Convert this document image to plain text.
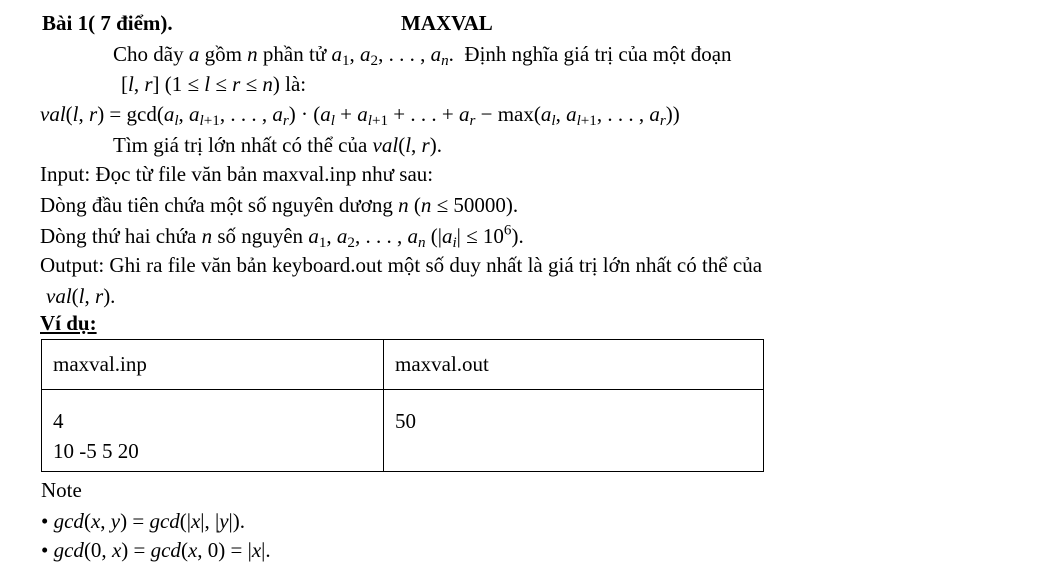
Bài 1( 7 điểm).	MAXVAL
Cho dãy a gồm n phần tử $a_1$, $a_2$, . . . , $a_n$.  Định nghĩa giá trị của một đoạn
[l, r] (1 ≤ l ≤ r ≤ n) là:
val(l, $r) = \gcd(a_l$, $a_{l+1}$, . . . , $a_r) \cdot (a_l + a_{l+1}$ + . . . + $a_r - \max(a_l$, $a_{l+1}$, . . . , $a_r$))
Tìm giá trị lớn nhất có thể của val(l, r).
Input: Đọc từ file văn bản maxval.inp như sau:
Dòng đầu tiên chứa một số nguyên dương n (n ≤ 50000).
Dòng thứ hai chứa n số nguyên $a_1$, $a_2$, . . . , $a_n$ $(|a_i| \le 10^6)$.
Output: Ghi ra file văn bản keyboard.out một số duy nhất là giá trị lớn nhất có thể của
val(l, r).
Ví dụ:
maxval.inp	maxval.out

4
10 -5 5 20	50
Note
• gcd(x, y) = gcd(|x|, |y|).
• gcd(0, x) = gcd(x, 0) = |x|.
